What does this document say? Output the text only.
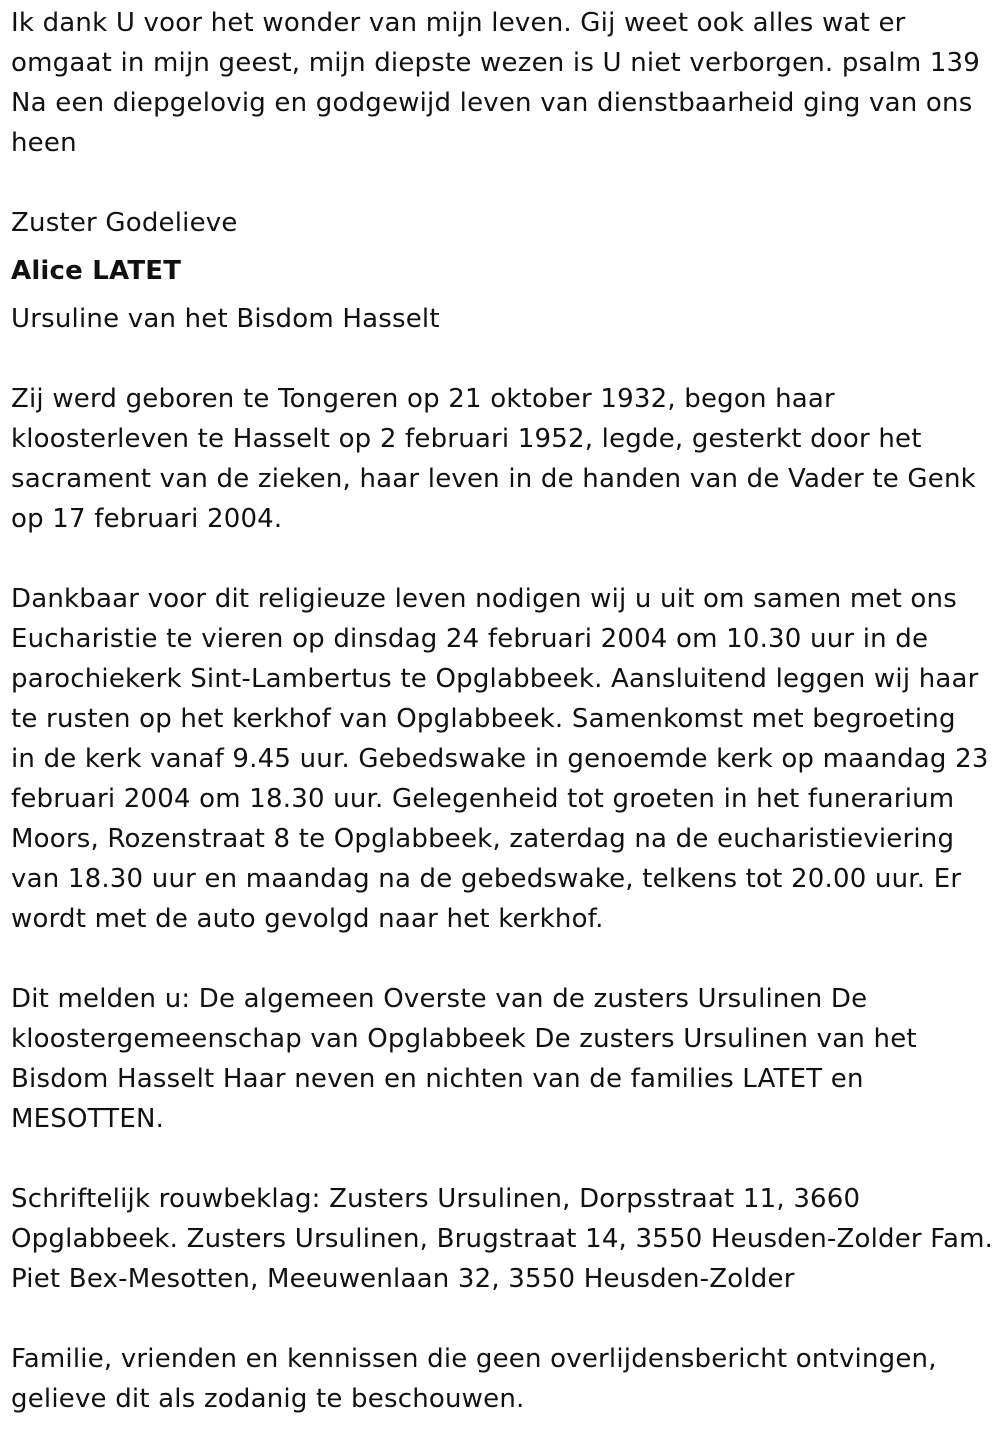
Ik dank U voor het wonder van mijn leven. Gij weet ook alles wat er
omgaat in mijn geest, mijn diepste wezen is U niet verborgen. psalm 139
Na een diepgelovig en godgewijd leven van dienstbaarheid ging van ons
heen

Zuster Godelieve
Alice LATET
Ursuline van het Bisdom Hasselt

Zij werd geboren te Tongeren op 21 oktober 1932, begon haar
kloosterleven te Hasselt op 2 februari 1952, legde, gesterkt door het
sacrament van de zieken, haar leven in de handen van de Vader te Genk
op 17 februari 2004.

Dankbaar voor dit religieuze leven nodigen wij u uit om samen met ons
Eucharistie te vieren op dinsdag 24 februari 2004 om 10.30 uur in de
parochiekerk Sint-Lambertus te Opglabbeek. Aansluitend leggen wij haar
te rusten op het kerkhof van Opglabbeek. Samenkomst met begroeting
in de kerk vanaf 9.45 uur. Gebedswake in genoemde kerk op maandag 23
februari 2004 om 18.30 uur. Gelegenheid tot groeten in het funerarium
Moors, Rozenstraat 8 te Opglabbeek, zaterdag na de eucharistieviering
van 18.30 uur en maandag na de gebedswake, telkens tot 20.00 uur. Er
wordt met de auto gevolgd naar het kerkhof.

Dit melden u: De algemeen Overste van de zusters Ursulinen De
kloostergemeenschap van Opglabbeek De zusters Ursulinen van het
Bisdom Hasselt Haar neven en nichten van de families LATET en
MESOTTEN.

Schriftelijk rouwbeklag: Zusters Ursulinen, Dorpsstraat 11, 3660
Opglabbeek. Zusters Ursulinen, Brugstraat 14, 3550 Heusden-Zolder Fam.
Piet Bex-Mesotten, Meeuwenlaan 32, 3550 Heusden-Zolder

Familie, vrienden en kennissen die geen overlijdensbericht ontvingen,
gelieve dit als zodanig te beschouwen.
